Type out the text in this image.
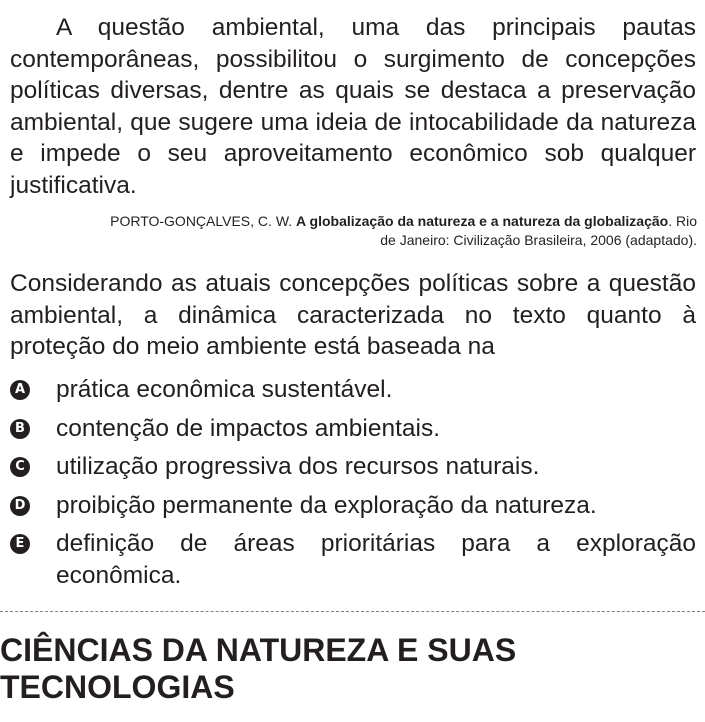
A questão ambiental, uma das principais pautas contemporâneas, possibilitou o surgimento de concepções políticas diversas, dentre as quais se destaca a preservação ambiental, que sugere uma ideia de intocabilidade da natureza e impede o seu aproveitamento econômico sob qualquer justificativa.

PORTO-GONÇALVES, C. W. A globalização da natureza e a natureza da globalização. Rio de Janeiro: Civilização Brasileira, 2006 (adaptado).

Considerando as atuais concepções políticas sobre a questão ambiental, a dinâmica caracterizada no texto quanto à proteção do meio ambiente está baseada na

A prática econômica sustentável.
B contenção de impactos ambientais.
C utilização progressiva dos recursos naturais.
D proibição permanente da exploração da natureza.
E definição de áreas prioritárias para a exploração econômica.
CIÊNCIAS DA NATUREZA E SUAS TECNOLOGIAS
